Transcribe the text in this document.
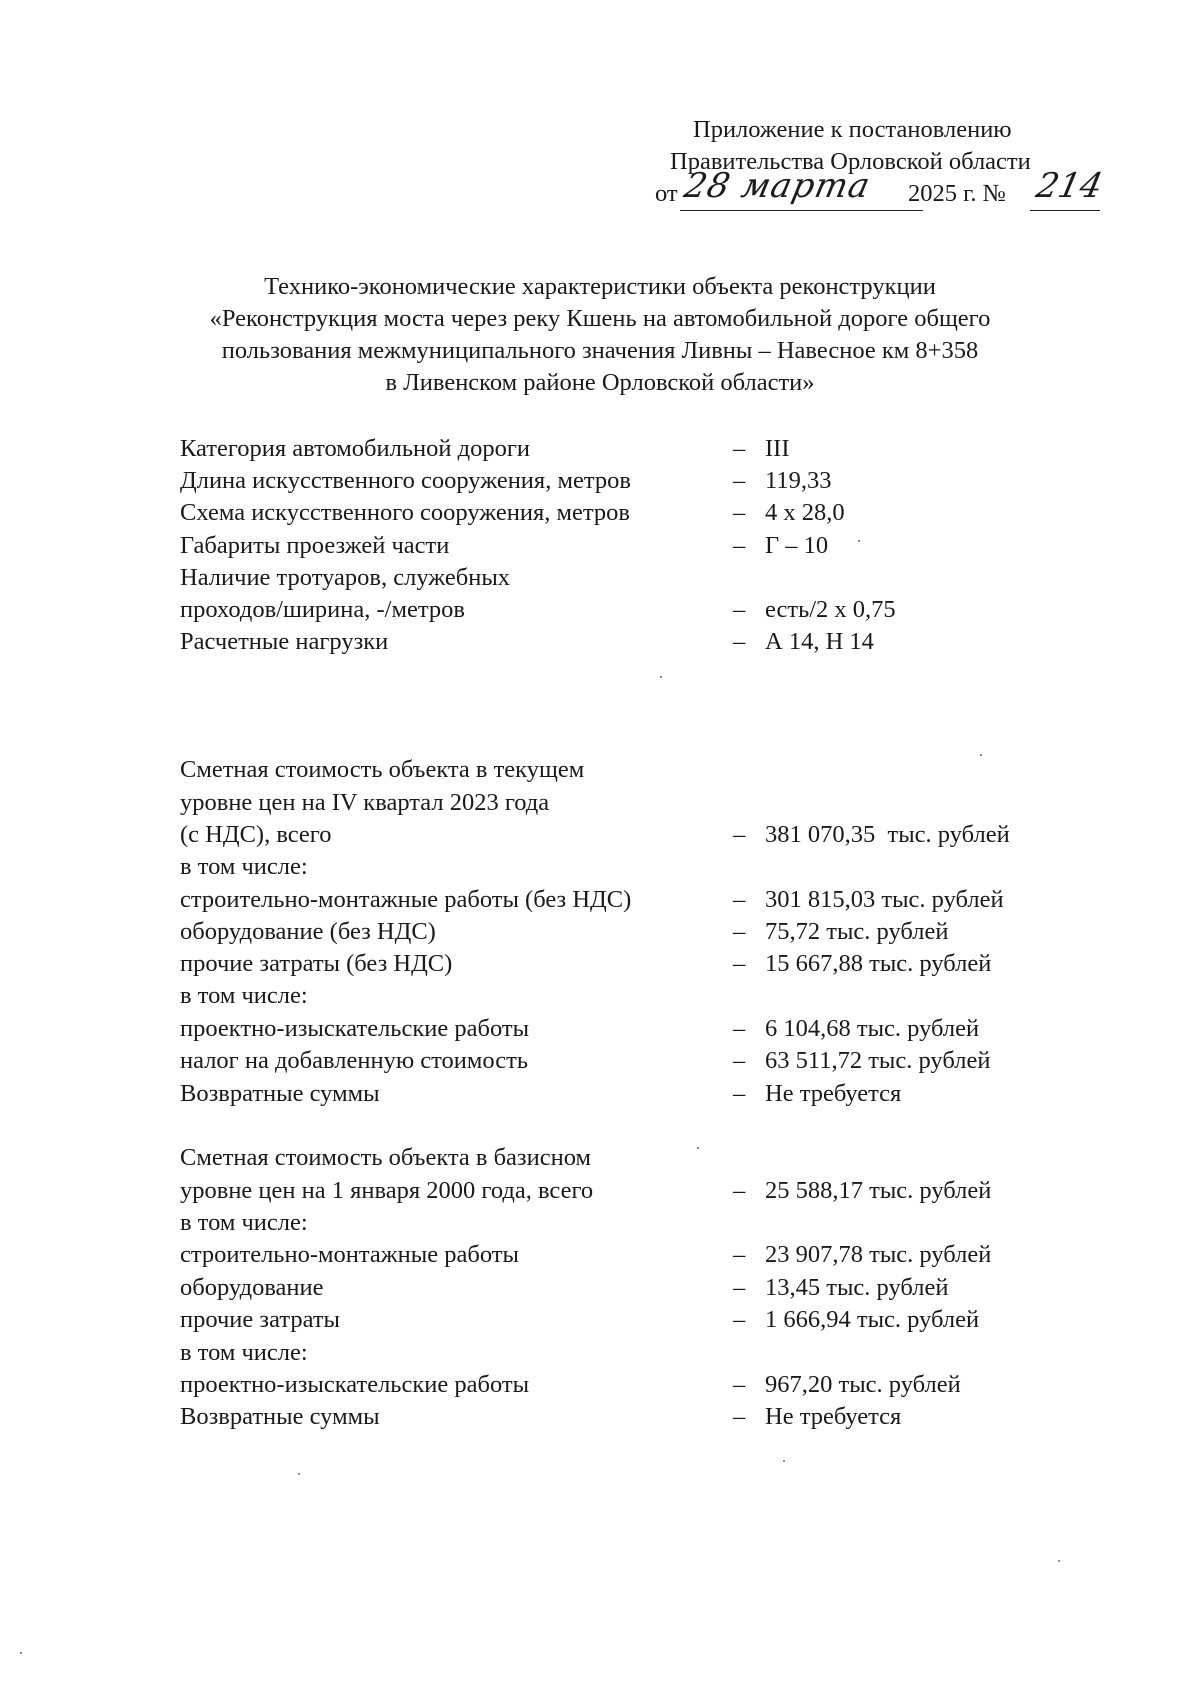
Приложение к постановлению
Правительства Орловской области
от 28 марта 2025 г. № 214
Технико-экономические характеристики объекта реконструкции
«Реконструкция моста через реку Кшень на автомобильной дороге общего
пользования межмуниципального значения Ливны – Навесное км 8+358
в Ливенском районе Орловской области»
Категория автомобильной дороги	– III
Длина искусственного сооружения, метров	– 119,33
Схема искусственного сооружения, метров	– 4 х 28,0
Габариты проезжей части	– Г – 10
Наличие тротуаров, служебных
проходов/ширина, -/метров	– есть/2 х 0,75
Расчетные нагрузки	– А 14, Н 14
Сметная стоимость объекта в текущем
уровне цен на IV квартал 2023 года
(с НДС), всего	– 381 070,35  тыс. рублей
в том числе:
строительно-монтажные работы (без НДС)	– 301 815,03 тыс. рублей
оборудование (без НДС)	– 75,72 тыс. рублей
прочие затраты (без НДС)	– 15 667,88 тыс. рублей
в том числе:
проектно-изыскательские работы	– 6 104,68 тыс. рублей
налог на добавленную стоимость	– 63 511,72 тыс. рублей
Возвратные суммы	– Не требуется
Сметная стоимость объекта в базисном
уровне цен на 1 января 2000 года, всего	– 25 588,17 тыс. рублей
в том числе:
строительно-монтажные работы	– 23 907,78 тыс. рублей
оборудование	– 13,45 тыс. рублей
прочие затраты	– 1 666,94 тыс. рублей
в том числе:
проектно-изыскательские работы	– 967,20 тыс. рублей
Возвратные суммы	– Не требуется
